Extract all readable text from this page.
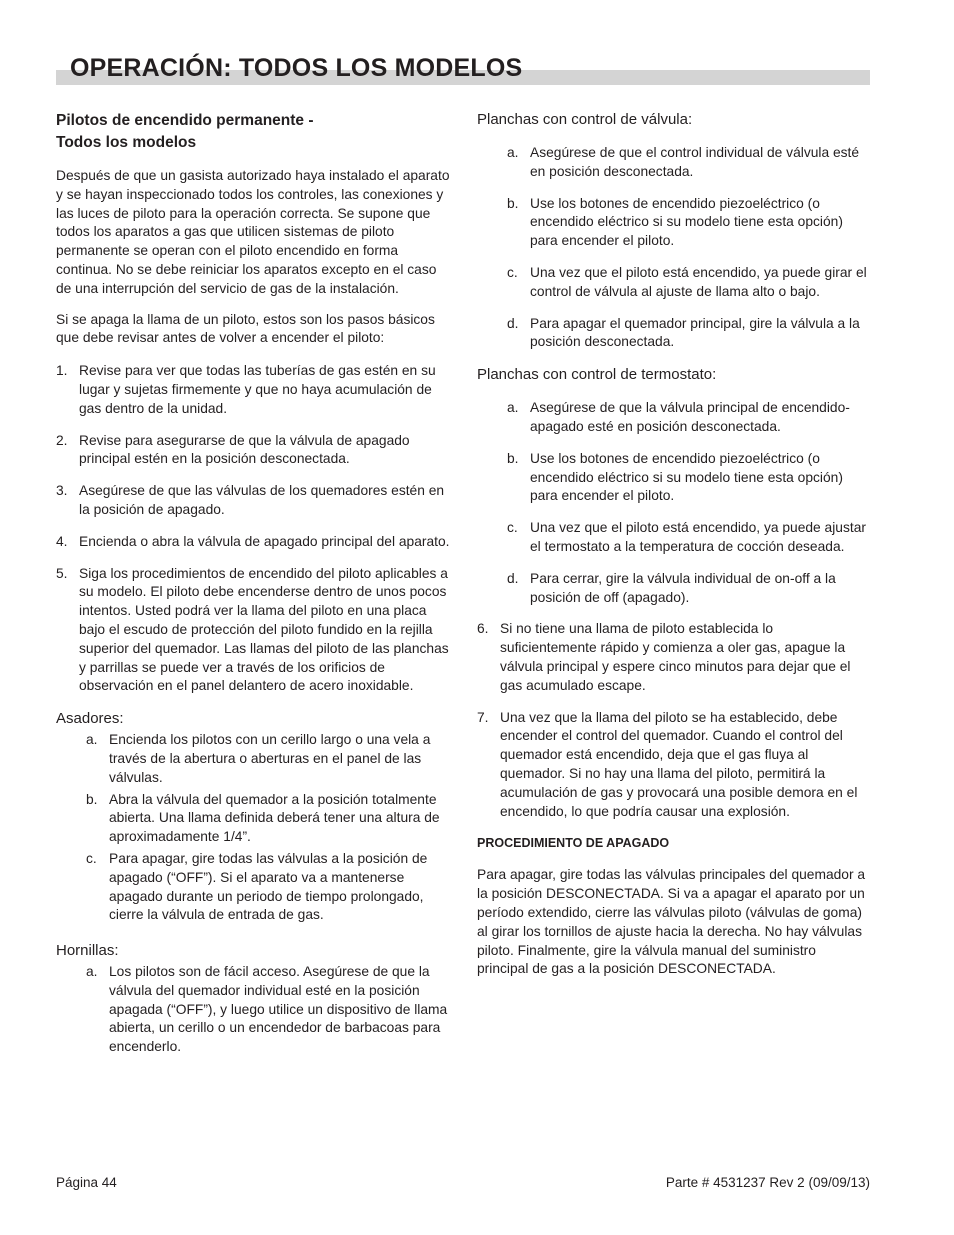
OPERACIÓN: TODOS LOS MODELOS
Pilotos de encendido permanente -
Todos los modelos

Después de que un gasista autorizado haya instalado el aparato y se hayan inspeccionado todos los controles, las conexiones y las luces de piloto para la operación correcta. Se supone que todos los aparatos a gas que utilicen sistemas de piloto permanente se operan con el piloto encendido en forma continua. No se debe reiniciar los aparatos excepto en el caso de una interrupción del servicio de gas de la instalación.

Si se apaga la llama de un piloto, estos son los pasos básicos que debe revisar antes de volver a encender el piloto:

1. Revise para ver que todas las tuberías de gas estén en su lugar y sujetas firmemente y que no haya acumulación de gas dentro de la unidad.
2. Revise para asegurarse de que la válvula de apagado principal estén en la posición desconectada.
3. Asegúrese de que las válvulas de los quemadores estén en la posición de apagado.
4. Encienda o abra la válvula de apagado principal del aparato.
5. Siga los procedimientos de encendido del piloto aplicables a su modelo. El piloto debe encenderse dentro de unos pocos intentos. Usted podrá ver la llama del piloto en una placa bajo el escudo de protección del piloto fundido en la rejilla superior del quemador. Las llamas del piloto de las planchas y parrillas se puede ver a través de los orificios de observación en el panel delantero de acero inoxidable.
Asadores:
a. Encienda los pilotos con un cerillo largo o una vela a través de la abertura o aberturas en el panel de las válvulas.
b. Abra la válvula del quemador a la posición totalmente abierta. Una llama definida deberá tener una altura de aproximadamente 1/4”.
c. Para apagar, gire todas las válvulas a la posición de apagado (“OFF”). Si el aparato va a mantenerse apagado durante un periodo de tiempo prolongado, cierre la válvula de entrada de gas.
Hornillas:
a. Los pilotos son de fácil acceso. Asegúrese de que la válvula del quemador individual esté en la posición apagada (“OFF”), y luego utilice un dispositivo de llama abierta, un cerillo o un encendedor de barbacoas para encenderlo.
Planchas con control de válvula:
a. Asegúrese de que el control individual de válvula esté en posición desconectada.
b. Use los botones de encendido piezoeléctrico (o encendido eléctrico si su modelo tiene esta opción) para encender el piloto.
c. Una vez que el piloto está encendido, ya puede girar el control de válvula al ajuste de llama alto o bajo.
d. Para apagar el quemador principal, gire la válvula a la posición desconectada.
Planchas con control de termostato:
a. Asegúrese de que la válvula principal de encendido-apagado esté en posición desconectada.
b. Use los botones de encendido piezoeléctrico (o encendido eléctrico si su modelo tiene esta opción) para encender el piloto.
c. Una vez que el piloto está encendido, ya puede ajustar el termostato a la temperatura de cocción deseada.
d. Para cerrar, gire la válvula individual de on-off a la posición de off (apagado).
6. Si no tiene una llama de piloto establecida lo suficientemente rápido y comienza a oler gas, apague la válvula principal y espere cinco minutos para dejar que el gas acumulado escape.
7. Una vez que la llama del piloto se ha establecido, debe encender el control del quemador. Cuando el control del quemador está encendido, deja que el gas fluya al quemador. Si no hay una llama del piloto, permitirá la acumulación de gas y provocará una posible demora en el encendido, lo que podría causar una explosión.
PROCEDIMIENTO DE APAGADO

Para apagar, gire todas las válvulas principales del quemador a la posición DESCONECTADA. Si va a apagar el aparato por un período extendido, cierre las válvulas piloto (válvulas de goma) al girar los tornillos de ajuste hacia la derecha. No hay válvulas piloto. Finalmente, gire la válvula manual del suministro principal de gas a la posición DESCONECTADA.

Página 44	Parte # 4531237 Rev 2 (09/09/13)
